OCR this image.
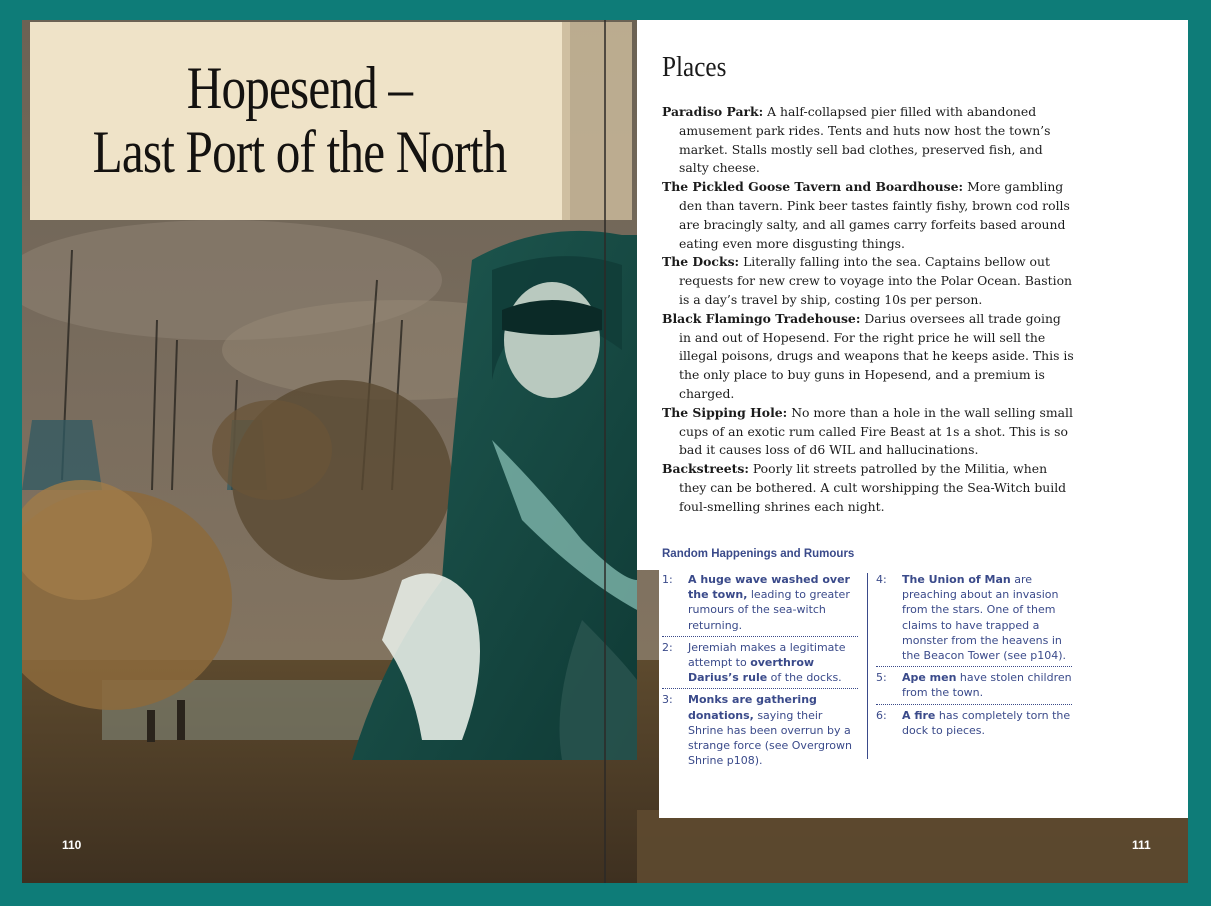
Hopesend –
Last Port of the North
110	111
Places

Paradiso Park: A half-collapsed pier filled with abandoned amusement park rides. Tents and huts now host the town’s market. Stalls mostly sell bad clothes, preserved fish, and salty cheese.

The Pickled Goose Tavern and Boardhouse: More gambling den than tavern. Pink beer tastes faintly fishy, brown cod rolls are bracingly salty, and all games carry forfeits based around eating even more disgusting things.

The Docks: Literally falling into the sea. Captains bellow out requests for new crew to voyage into the Polar Ocean. Bastion is a day’s travel by ship, costing 10s per person.

Black Flamingo Tradehouse: Darius oversees all trade going in and out of Hopesend. For the right price he will sell the illegal poisons, drugs and weapons that he keeps aside. This is the only place to buy guns in Hopesend, and a premium is charged.

The Sipping Hole: No more than a hole in the wall selling small cups of an exotic rum called Fire Beast at 1s a shot. This is so bad it causes loss of d6 WIL and hallucinations.

Backstreets: Poorly lit streets patrolled by the Militia, when they can be bothered. A cult worshipping the Sea-Witch build foul-smelling shrines each night.

Random Happenings and Rumours
1:	A huge wave washed over the town, leading to greater rumours of the sea-witch returning.
2:	Jeremiah makes a legitimate attempt to overthrow Darius’s rule of the docks.
3:	Monks are gathering donations, saying their Shrine has been overrun by a strange force (see Overgrown Shrine p108).
4:	The Union of Man are preaching about an invasion from the stars. One of them claims to have trapped a monster from the heavens in the Beacon Tower (see p104).
5:	Ape men have stolen children from the town.
6:	A fire has completely torn the dock to pieces.
